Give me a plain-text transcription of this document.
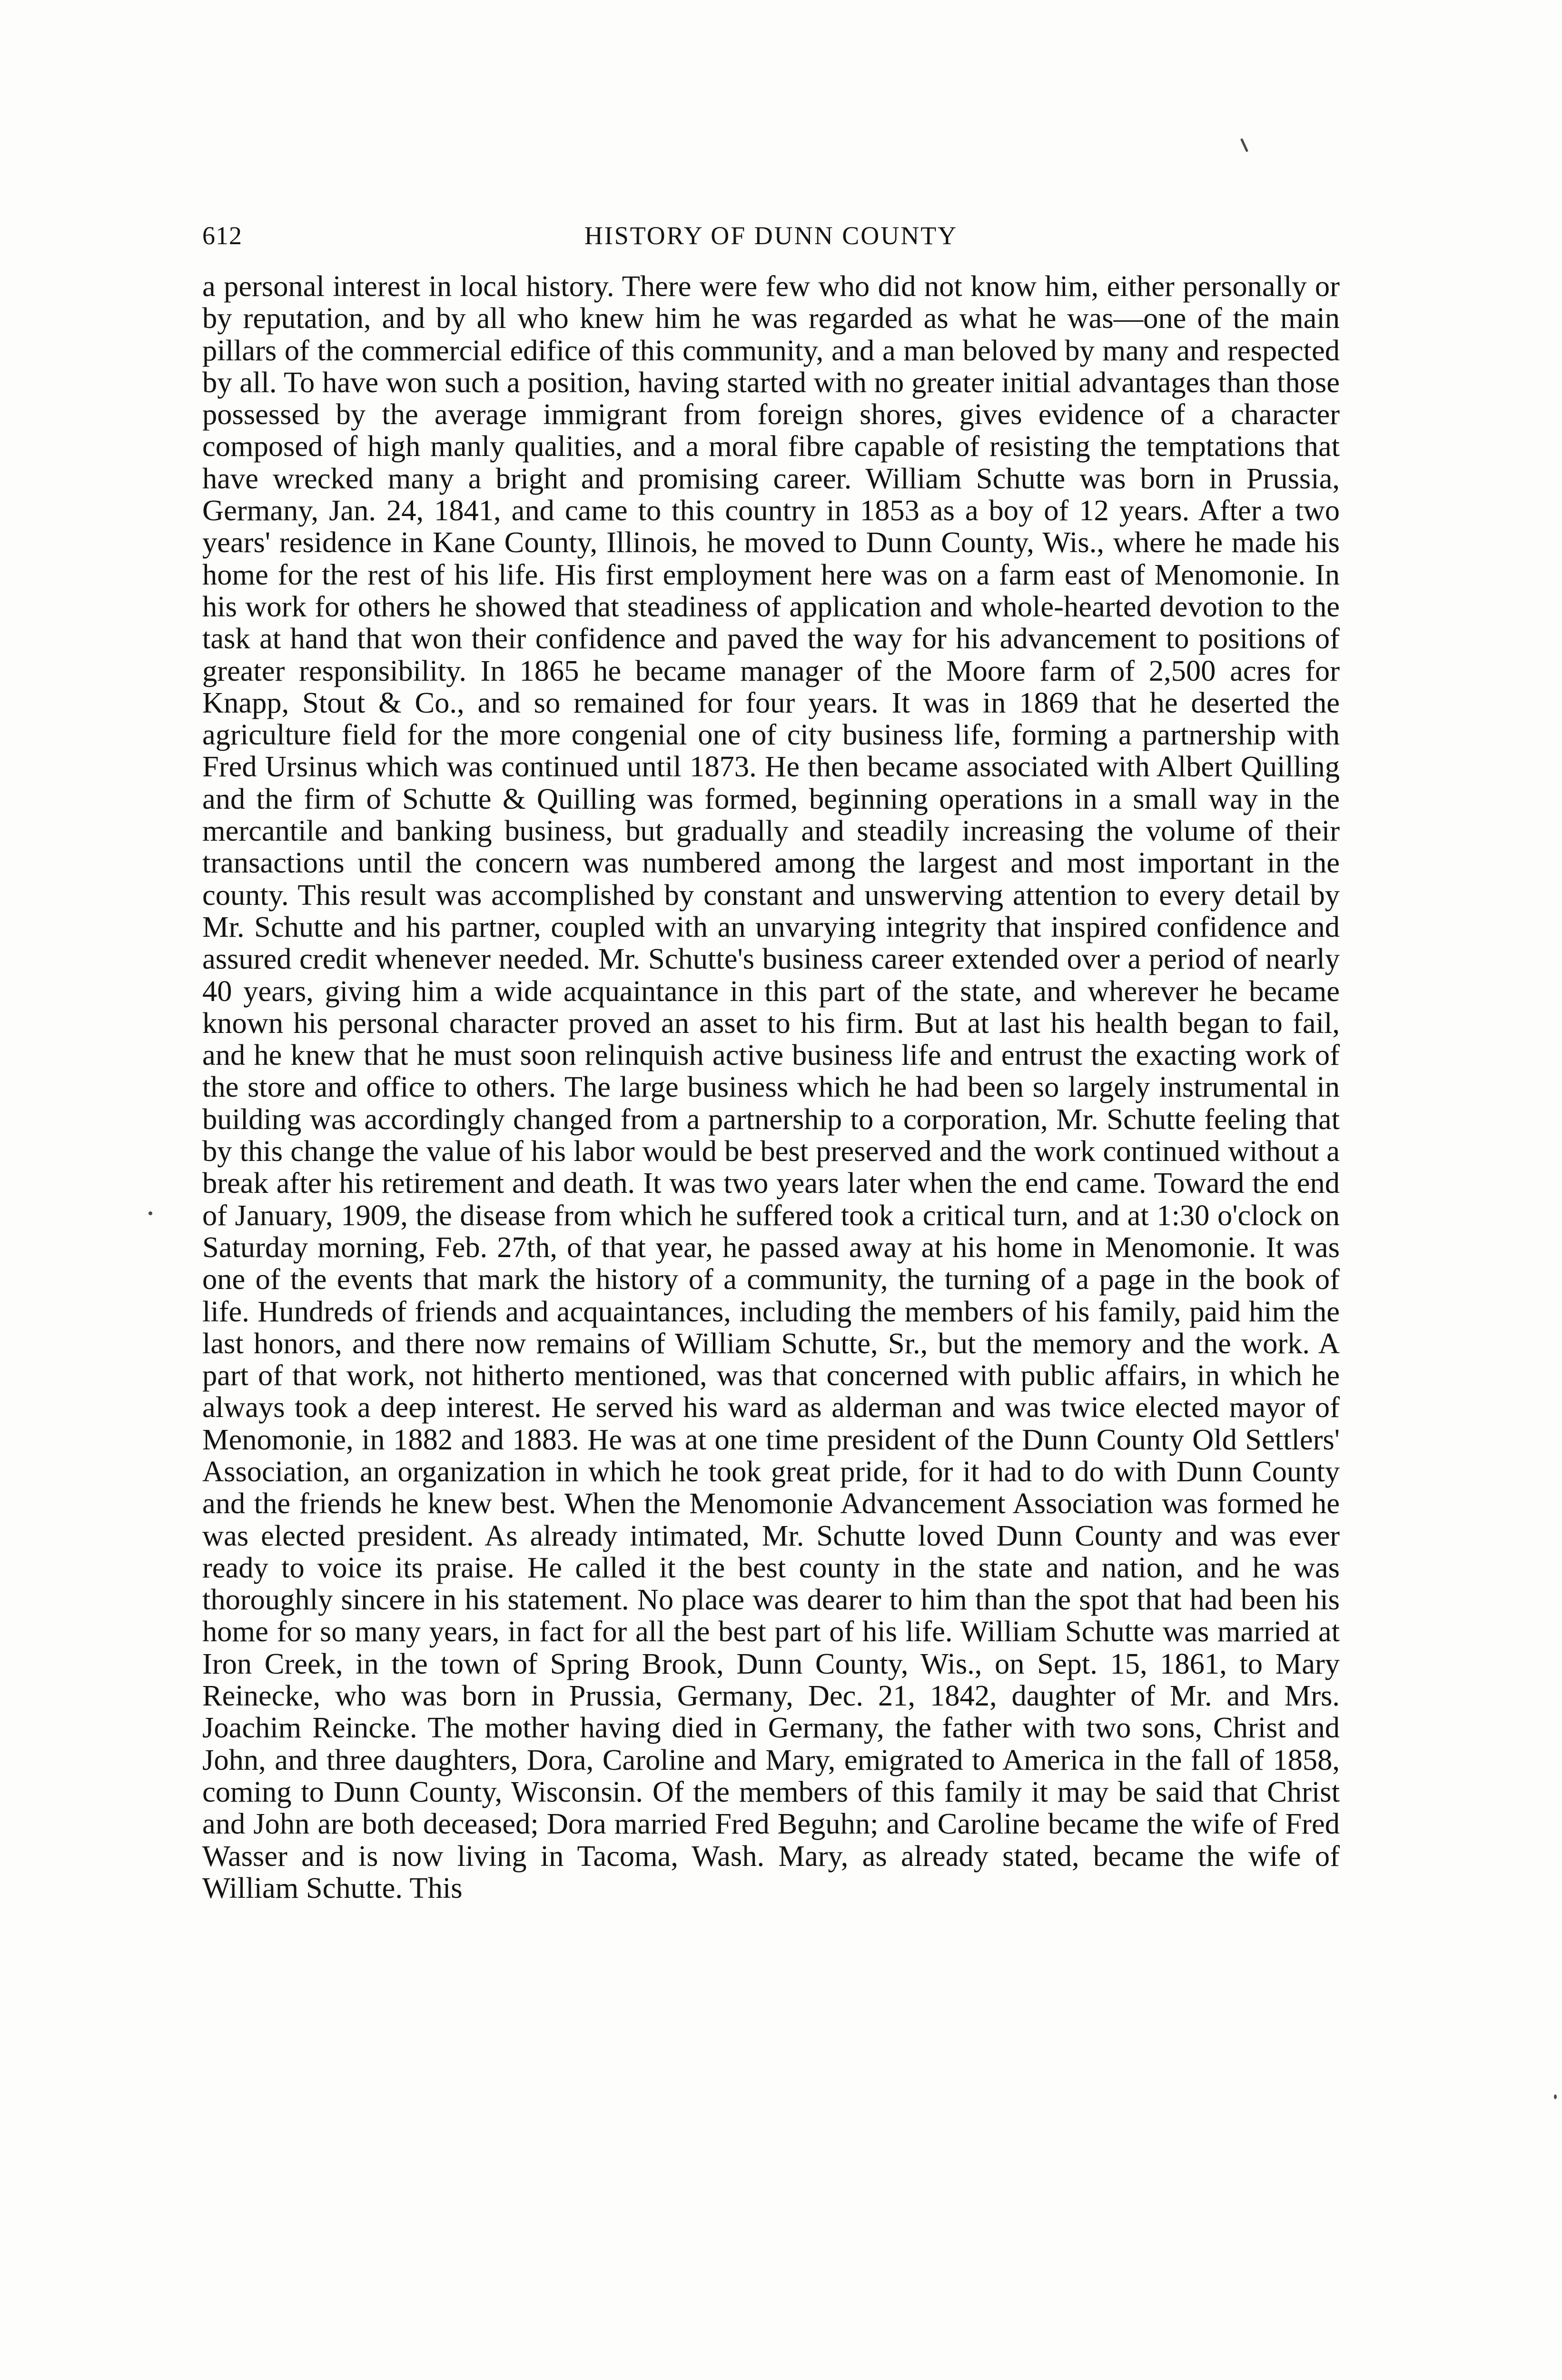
612	HISTORY OF DUNN COUNTY

a personal interest in local history. There were few who did not know him, either personally or by reputation, and by all who knew him he was regarded as what he was—one of the main pillars of the commercial edifice of this community, and a man beloved by many and respected by all. To have won such a position, having started with no greater initial advantages than those possessed by the average immigrant from foreign shores, gives evidence of a character composed of high manly qualities, and a moral fibre capable of resisting the temptations that have wrecked many a bright and promising career. William Schutte was born in Prussia, Germany, Jan. 24, 1841, and came to this country in 1853 as a boy of 12 years. After a two years' residence in Kane County, Illinois, he moved to Dunn County, Wis., where he made his home for the rest of his life. His first employment here was on a farm east of Menomonie. In his work for others he showed that steadiness of application and whole-hearted devotion to the task at hand that won their confidence and paved the way for his advancement to positions of greater responsibility. In 1865 he became manager of the Moore farm of 2,500 acres for Knapp, Stout & Co., and so remained for four years. It was in 1869 that he deserted the agriculture field for the more congenial one of city business life, forming a partnership with Fred Ursinus which was continued until 1873. He then became associated with Albert Quilling and the firm of Schutte & Quilling was formed, beginning operations in a small way in the mercantile and banking business, but gradually and steadily increasing the volume of their transactions until the concern was numbered among the largest and most important in the county. This result was accomplished by constant and unswerving attention to every detail by Mr. Schutte and his partner, coupled with an unvarying integrity that inspired confidence and assured credit whenever needed. Mr. Schutte's business career extended over a period of nearly 40 years, giving him a wide acquaintance in this part of the state, and wherever he became known his personal character proved an asset to his firm. But at last his health began to fail, and he knew that he must soon relinquish active business life and entrust the exacting work of the store and office to others. The large business which he had been so largely instrumental in building was accordingly changed from a partnership to a corporation, Mr. Schutte feeling that by this change the value of his labor would be best preserved and the work continued without a break after his retirement and death. It was two years later when the end came. Toward the end of January, 1909, the disease from which he suffered took a critical turn, and at 1:30 o'clock on Saturday morning, Feb. 27th, of that year, he passed away at his home in Menomonie. It was one of the events that mark the history of a community, the turning of a page in the book of life. Hundreds of friends and acquaintances, including the members of his family, paid him the last honors, and there now remains of William Schutte, Sr., but the memory and the work. A part of that work, not hitherto mentioned, was that concerned with public affairs, in which he always took a deep interest. He served his ward as alderman and was twice elected mayor of Menomonie, in 1882 and 1883. He was at one time president of the Dunn County Old Settlers' Association, an organization in which he took great pride, for it had to do with Dunn County and the friends he knew best. When the Menomonie Advancement Association was formed he was elected president. As already intimated, Mr. Schutte loved Dunn County and was ever ready to voice its praise. He called it the best county in the state and nation, and he was thoroughly sincere in his statement. No place was dearer to him than the spot that had been his home for so many years, in fact for all the best part of his life. William Schutte was married at Iron Creek, in the town of Spring Brook, Dunn County, Wis., on Sept. 15, 1861, to Mary Reinecke, who was born in Prussia, Germany, Dec. 21, 1842, daughter of Mr. and Mrs. Joachim Reincke. The mother having died in Germany, the father with two sons, Christ and John, and three daughters, Dora, Caroline and Mary, emigrated to America in the fall of 1858, coming to Dunn County, Wisconsin. Of the members of this family it may be said that Christ and John are both deceased; Dora married Fred Beguhn; and Caroline became the wife of Fred Wasser and is now living in Tacoma, Wash. Mary, as already stated, became the wife of William Schutte. This
